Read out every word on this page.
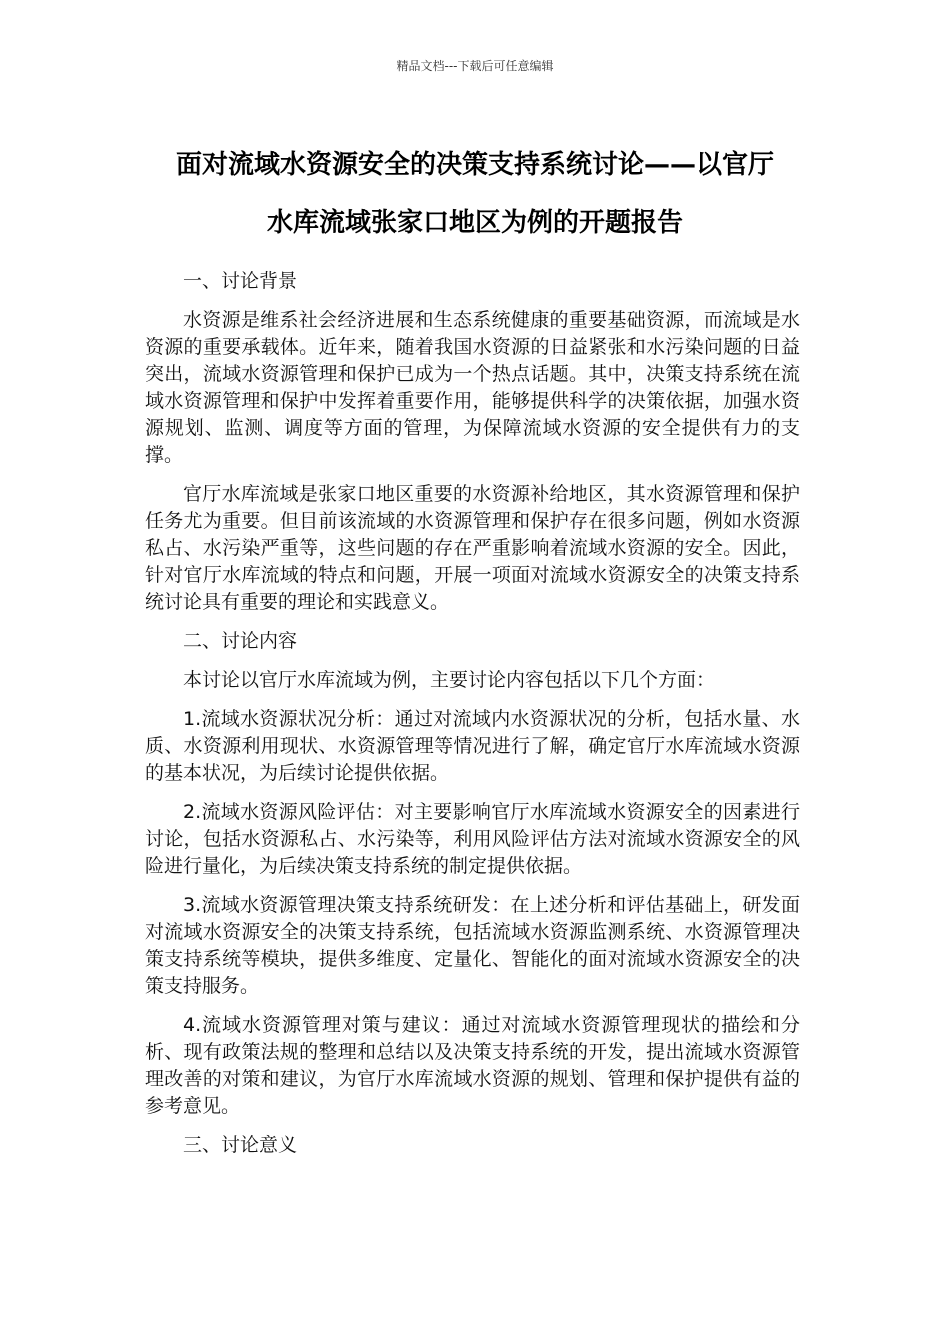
精品文档---下载后可任意编辑
面对流域水资源安全的决策支持系统讨论——以官厅
水库流域张家口地区为例的开题报告

一、讨论背景

水资源是维系社会经济进展和生态系统健康的重要基础资源，而流域是水资源的重要承载体。近年来，随着我国水资源的日益紧张和水污染问题的日益突出，流域水资源管理和保护已成为一个热点话题。其中，决策支持系统在流域水资源管理和保护中发挥着重要作用，能够提供科学的决策依据，加强水资源规划、监测、调度等方面的管理，为保障流域水资源的安全提供有力的支撑。

官厅水库流域是张家口地区重要的水资源补给地区，其水资源管理和保护任务尤为重要。但目前该流域的水资源管理和保护存在很多问题，例如水资源私占、水污染严重等，这些问题的存在严重影响着流域水资源的安全。因此，针对官厅水库流域的特点和问题，开展一项面对流域水资源安全的决策支持系统讨论具有重要的理论和实践意义。

二、讨论内容

本讨论以官厅水库流域为例，主要讨论内容包括以下几个方面：

1.流域水资源状况分析：通过对流域内水资源状况的分析，包括水量、水质、水资源利用现状、水资源管理等情况进行了解，确定官厅水库流域水资源的基本状况，为后续讨论提供依据。

2.流域水资源风险评估：对主要影响官厅水库流域水资源安全的因素进行讨论，包括水资源私占、水污染等，利用风险评估方法对流域水资源安全的风险进行量化，为后续决策支持系统的制定提供依据。

3.流域水资源管理决策支持系统研发：在上述分析和评估基础上，研发面对流域水资源安全的决策支持系统，包括流域水资源监测系统、水资源管理决策支持系统等模块，提供多维度、定量化、智能化的面对流域水资源安全的决策支持服务。

4.流域水资源管理对策与建议：通过对流域水资源管理现状的描绘和分析、现有政策法规的整理和总结以及决策支持系统的开发，提出流域水资源管理改善的对策和建议，为官厅水库流域水资源的规划、管理和保护提供有益的参考意见。

三、讨论意义
